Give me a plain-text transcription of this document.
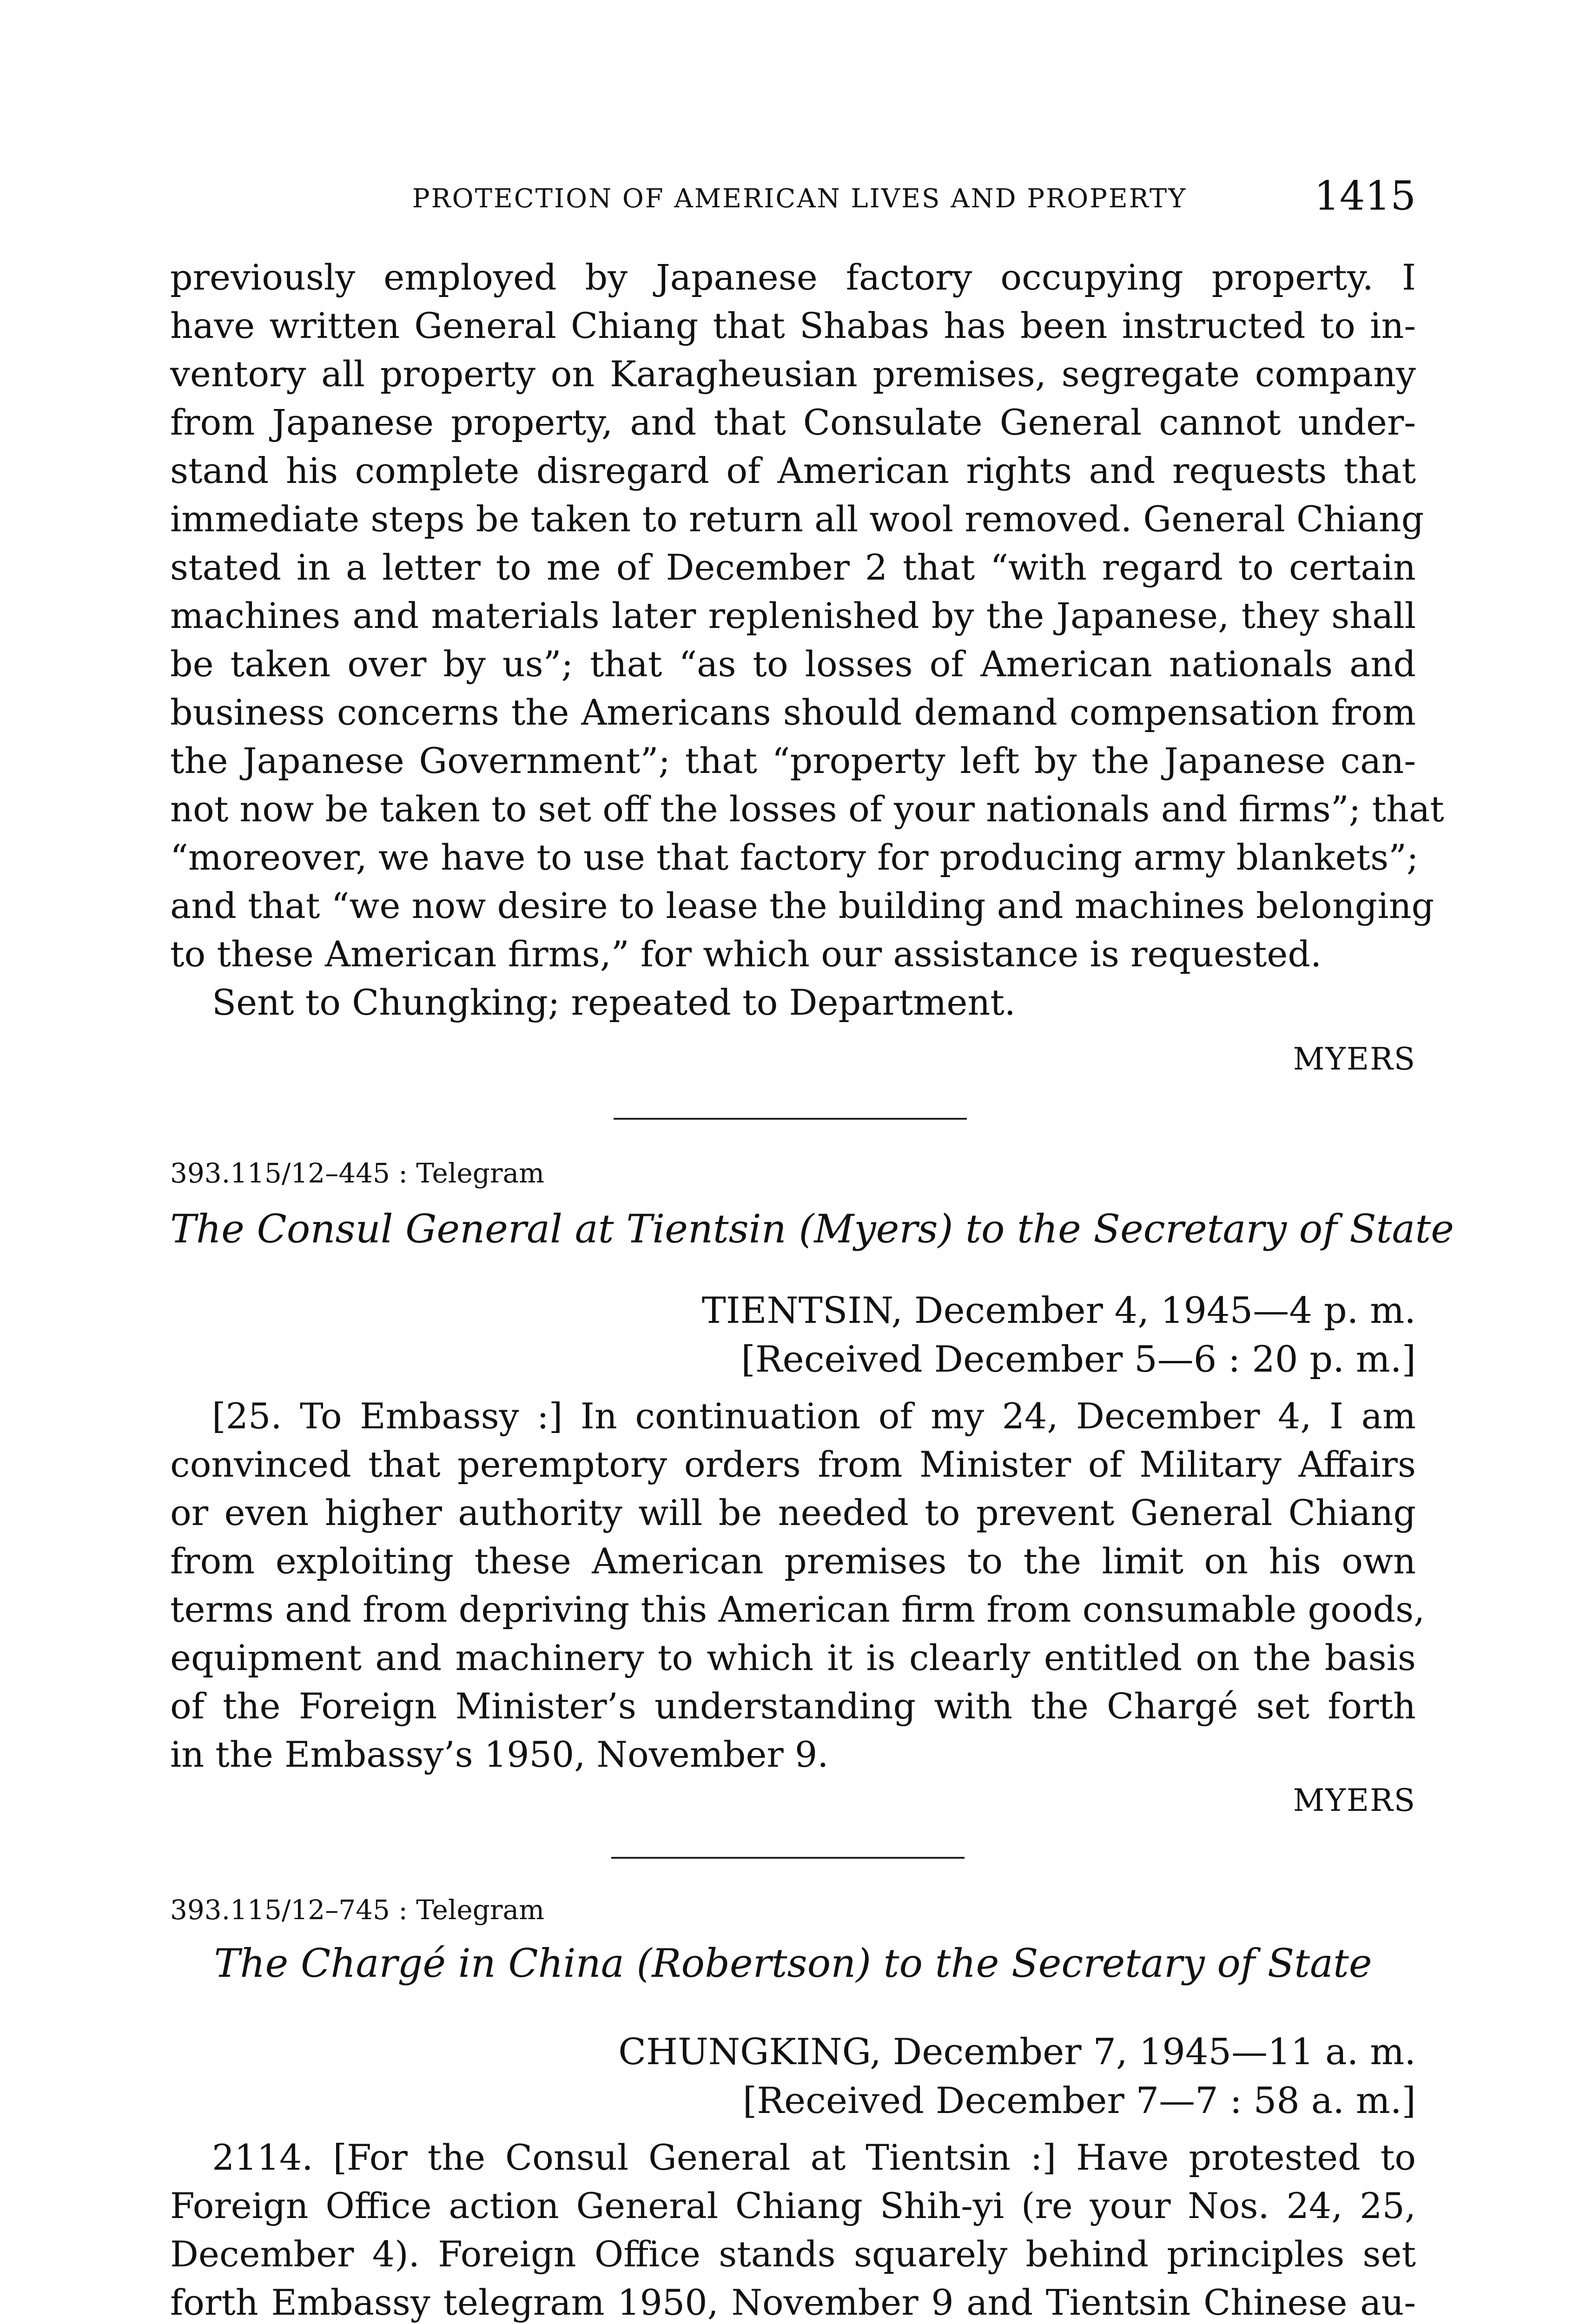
PROTECTION OF AMERICAN LIVES AND PROPERTY	1415
previously employed by Japanese factory occupying property. I
have written General Chiang that Shabas has been instructed to in-
ventory all property on Karagheusian premises, segregate company
from Japanese property, and that Consulate General cannot under-
stand his complete disregard of American rights and requests that
immediate steps be taken to return all wool removed. General Chiang
stated in a letter to me of December 2 that “with regard to certain
machines and materials later replenished by the Japanese, they shall
be taken over by us”; that “as to losses of American nationals and
business concerns the Americans should demand compensation from
the Japanese Government”; that “property left by the Japanese can-
not now be taken to set off the losses of your nationals and firms”; that
“moreover, we have to use that factory for producing army blankets”;
and that “we now desire to lease the building and machines belonging
to these American firms,” for which our assistance is requested.
Sent to Chungking; repeated to Department.
MYERS
393.115/12–445 : Telegram
The Consul General at Tientsin (Myers) to the Secretary of State
TIENTSIN, December 4, 1945—4 p. m.
[Received December 5—6 : 20 p. m.]
[25. To Embassy :] In continuation of my 24, December 4, I am
convinced that peremptory orders from Minister of Military Affairs
or even higher authority will be needed to prevent General Chiang
from exploiting these American premises to the limit on his own
terms and from depriving this American firm from consumable goods,
equipment and machinery to which it is clearly entitled on the basis
of the Foreign Minister’s understanding with the Chargé set forth
in the Embassy’s 1950, November 9.
MYERS
393.115/12–745 : Telegram
The Chargé in China (Robertson) to the Secretary of State
CHUNGKING, December 7, 1945—11 a. m.
[Received December 7—7 : 58 a. m.]
2114. [For the Consul General at Tientsin :] Have protested to
Foreign Office action General Chiang Shih-yi (re your Nos. 24, 25,
December 4). Foreign Office stands squarely behind principles set
forth Embassy telegram 1950, November 9 and Tientsin Chinese au-
